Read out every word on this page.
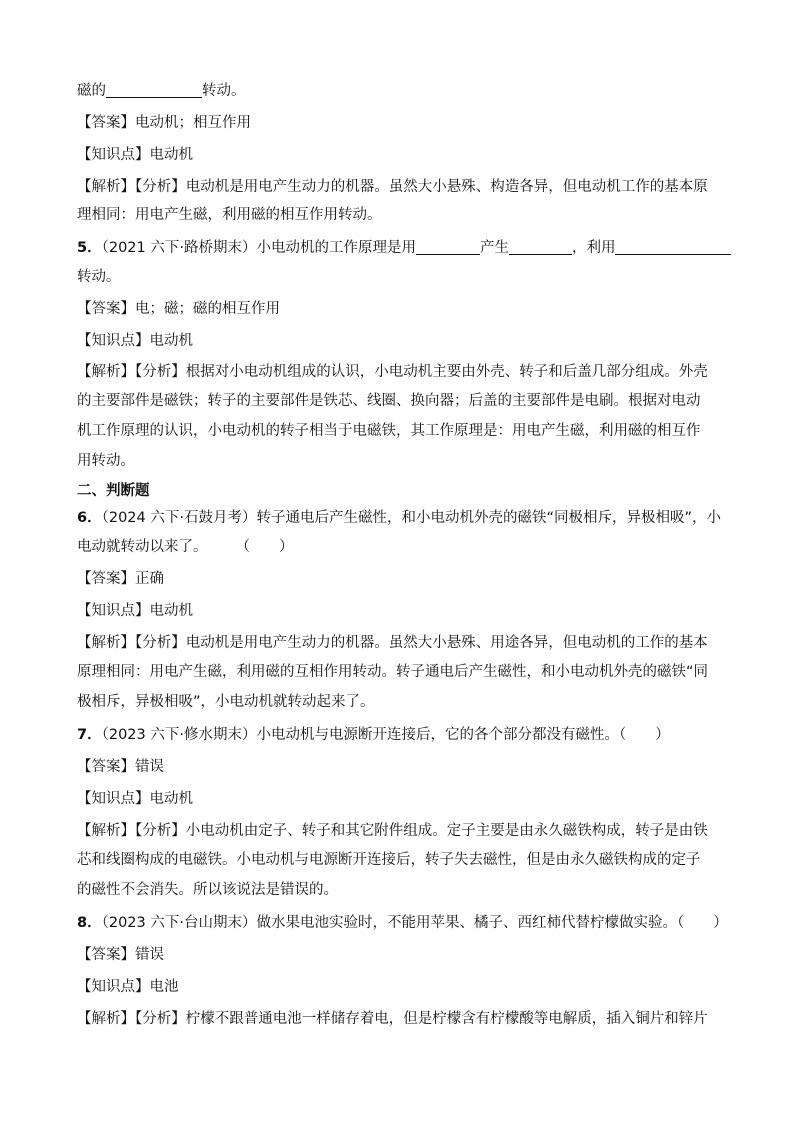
磁的	转动。
【答案】电动机；相互作用
【知识点】电动机
【解析】【分析】电动机是用电产生动力的机器。虽然大小悬殊、构造各异，但电动机工作的基本原
理相同：用电产生磁，利用磁的相互作用转动。
5．（2021 六下·路桥期末）小电动机的工作原理是用	产生	，利用
转动。
【答案】电；磁；磁的相互作用
【知识点】电动机
【解析】【分析】根据对小电动机组成的认识，小电动机主要由外壳、转子和后盖几部分组成。外壳
的主要部件是磁铁；转子的主要部件是铁芯、线圈、换向器；后盖的主要部件是电刷。根据对电动
机工作原理的认识，小电动机的转子相当于电磁铁，其工作原理是：用电产生磁，利用磁的相互作
用转动。
二、判断题
6．（2024 六下·石鼓月考）转子通电后产生磁性，和小电动机外壳的磁铁“同极相斥，异极相吸”，小
电动就转动以来了。 （　　）
【答案】正确
【知识点】电动机
【解析】【分析】电动机是用电产生动力的机器。虽然大小悬殊、用途各异，但电动机的工作的基本
原理相同：用电产生磁，利用磁的互相作用转动。转子通电后产生磁性，和小电动机外壳的磁铁“同
极相斥，异极相吸”，小电动机就转动起来了。
7．（2023 六下·修水期末）小电动机与电源断开连接后，它的各个部分都没有磁性。（　　）
【答案】错误
【知识点】电动机
【解析】【分析】小电动机由定子、转子和其它附件组成。定子主要是由永久磁铁构成，转子是由铁
芯和线圈构成的电磁铁。小电动机与电源断开连接后，转子失去磁性，但是由永久磁铁构成的定子
的磁性不会消失。所以该说法是错误的。
8．（2023 六下·台山期末）做水果电池实验时，不能用苹果、橘子、西红柿代替柠檬做实验。（　　）
【答案】错误
【知识点】电池
【解析】【分析】柠檬不跟普通电池一样储存着电，但是柠檬含有柠檬酸等电解质，插入铜片和锌片
